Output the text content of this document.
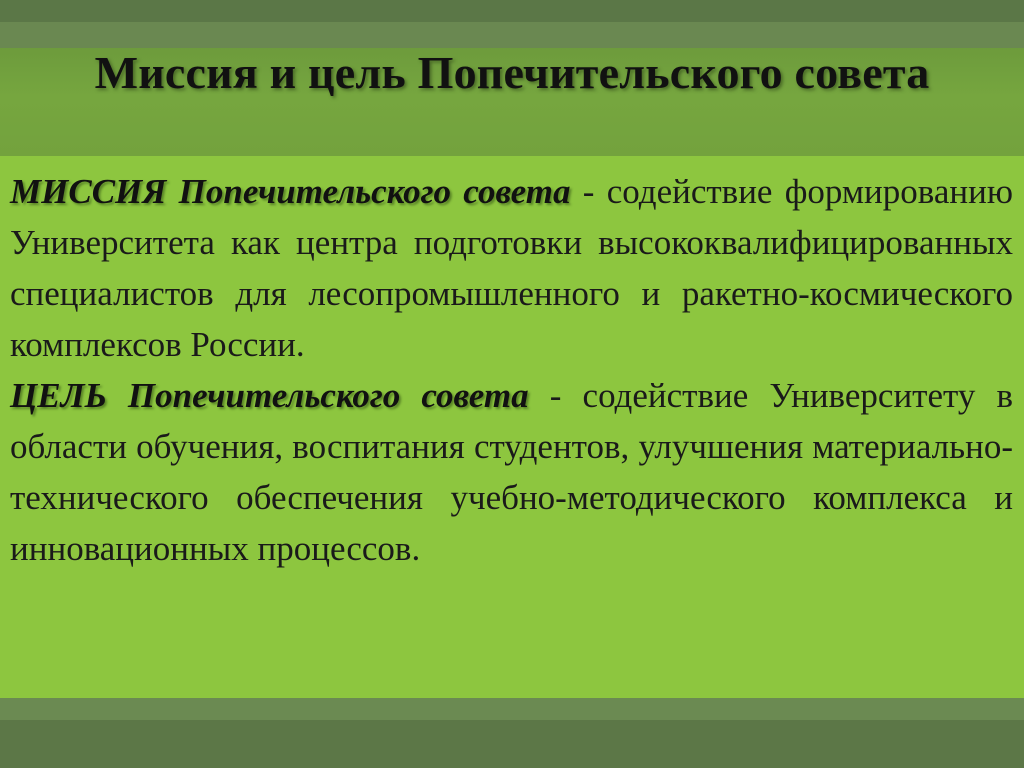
Миссия и цель Попечительского совета

МИССИЯ Попечительского совета - содействие формированию Университета как центра подготовки высококвалифицированных специалистов для лесопромышленного и ракетно-космического комплексов России.

ЦЕЛЬ Попечительского совета - содействие Университету в области обучения, воспитания студентов, улучшения материально-технического обеспечения учебно-методического комплекса и инновационных процессов.
